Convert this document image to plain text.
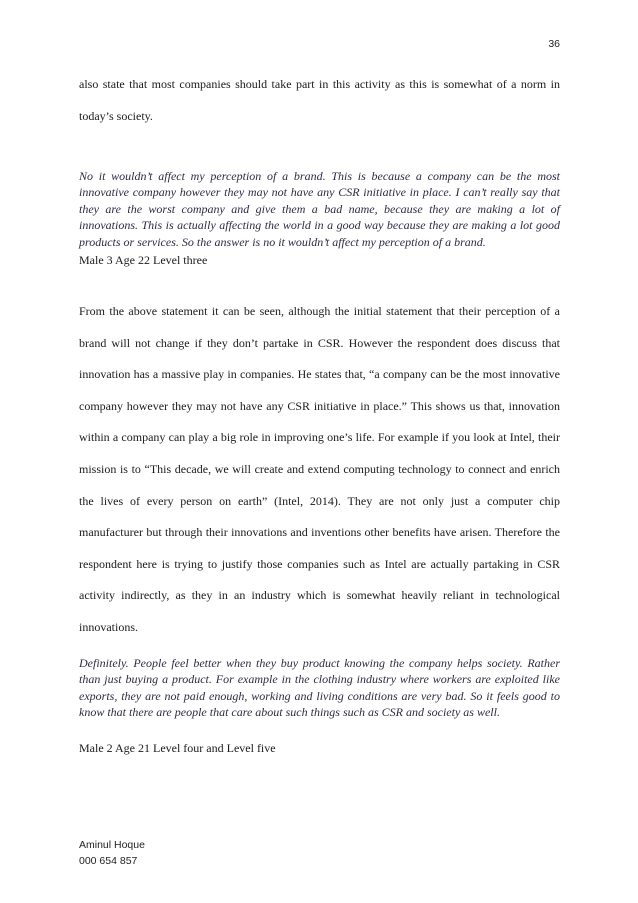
36

also state that most companies should take part in this activity as this is somewhat of a norm in today’s society.

No it wouldn’t affect my perception of a brand. This is because a company can be the most innovative company however they may not have any CSR initiative in place. I can’t really say that they are the worst company and give them a bad name, because they are making a lot of innovations. This is actually affecting the world in a good way because they are making a lot good products or services. So the answer is no it wouldn’t affect my perception of a brand.

Male 3 Age 22 Level three

From the above statement it can be seen, although the initial statement that their perception of a brand will not change if they don’t partake in CSR. However the respondent does discuss that innovation has a massive play in companies. He states that, “a company can be the most innovative company however they may not have any CSR initiative in place.” This shows us that, innovation within a company can play a big role in improving one’s life. For example if you look at Intel, their mission is to “This decade, we will create and extend computing technology to connect and enrich the lives of every person on earth” (Intel, 2014). They are not only just a computer chip manufacturer but through their innovations and inventions other benefits have arisen. Therefore the respondent here is trying to justify those companies such as Intel are actually partaking in CSR activity indirectly, as they in an industry which is somewhat heavily reliant in technological innovations.

Definitely. People feel better when they buy product knowing the company helps society. Rather than just buying a product. For example in the clothing industry where workers are exploited like exports, they are not paid enough, working and living conditions are very bad. So it feels good to know that there are people that care about such things such as CSR and society as well.

Male 2 Age 21 Level four and Level five

Aminul Hoque
000 654 857
